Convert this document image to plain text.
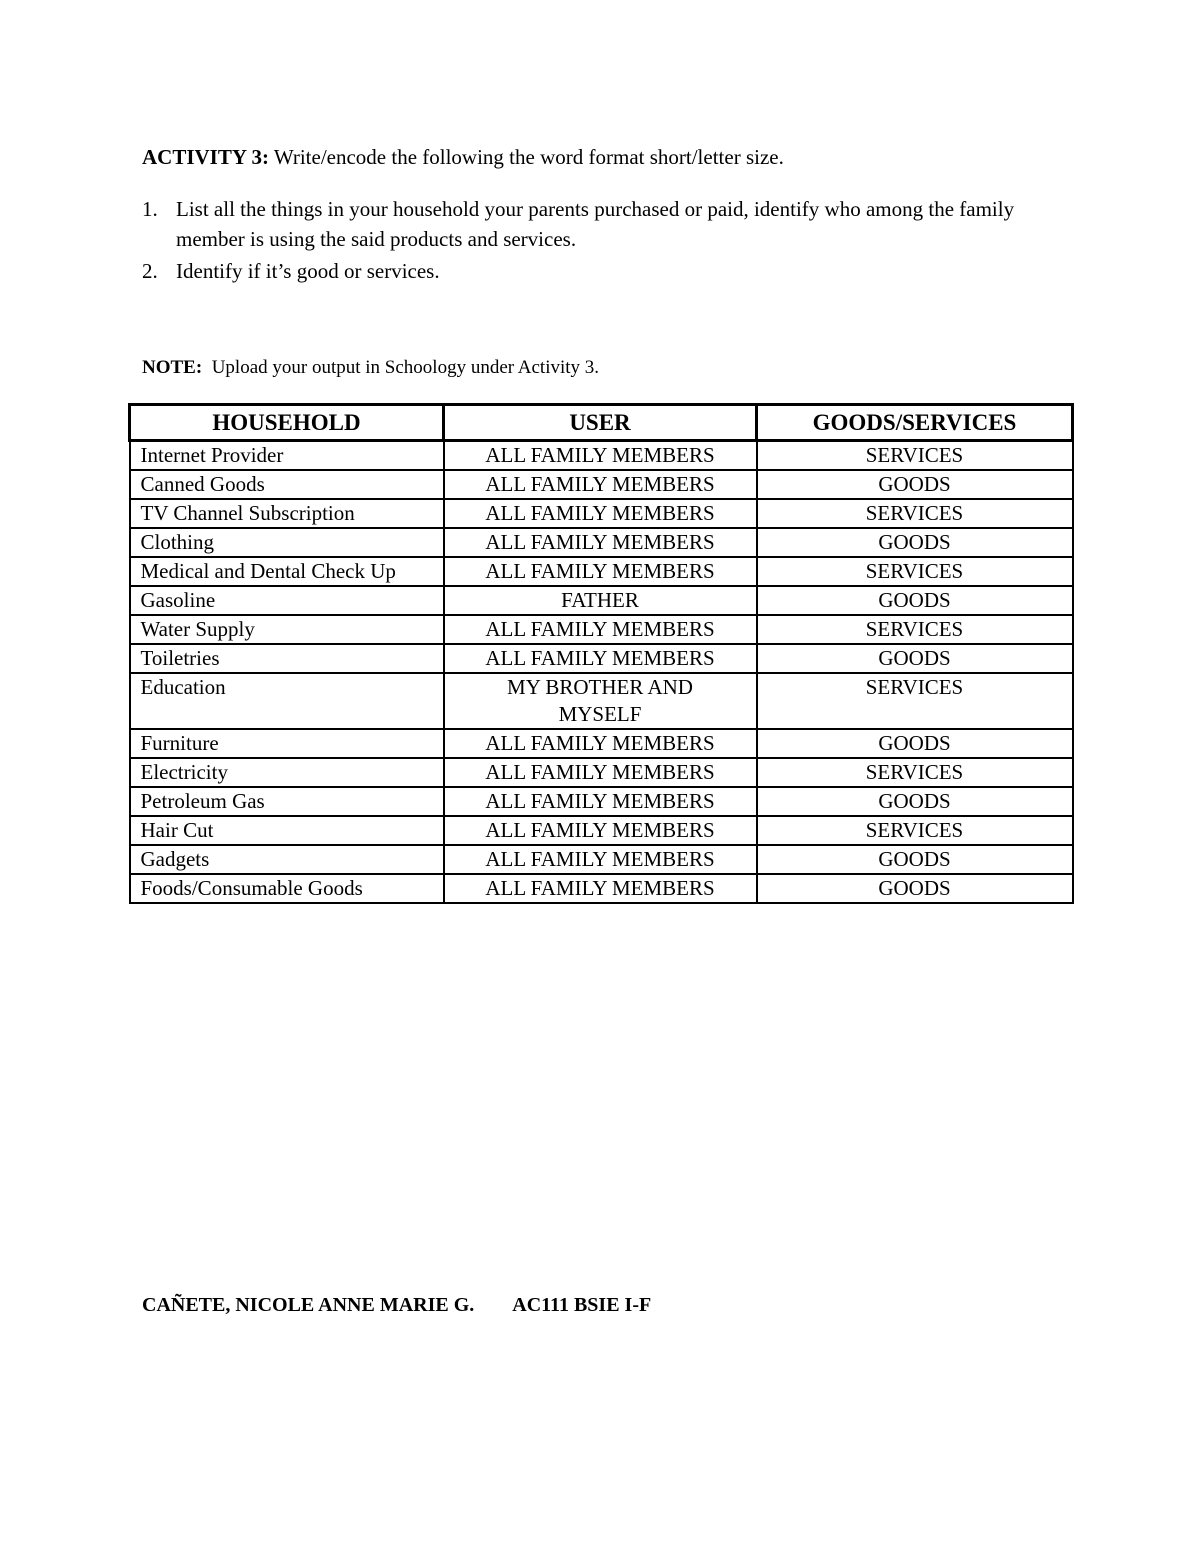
ACTIVITY 3: Write/encode the following the word format short/letter size.
1. List all the things in your household your parents purchased or paid, identify who among the family member is using the said products and services.
2. Identify if it’s good or services.
NOTE:  Upload your output in Schoology under Activity 3.
HOUSEHOLD	USER	GOODS/SERVICES
Internet Provider	ALL FAMILY MEMBERS	SERVICES
Canned Goods	ALL FAMILY MEMBERS	GOODS
TV Channel Subscription	ALL FAMILY MEMBERS	SERVICES
Clothing	ALL FAMILY MEMBERS	GOODS
Medical and Dental Check Up	ALL FAMILY MEMBERS	SERVICES
Gasoline	FATHER	GOODS
Water Supply	ALL FAMILY MEMBERS	SERVICES
Toiletries	ALL FAMILY MEMBERS	GOODS
Education	MY BROTHER AND MYSELF	SERVICES
Furniture	ALL FAMILY MEMBERS	GOODS
Electricity	ALL FAMILY MEMBERS	SERVICES
Petroleum Gas	ALL FAMILY MEMBERS	GOODS
Hair Cut	ALL FAMILY MEMBERS	SERVICES
Gadgets	ALL FAMILY MEMBERS	GOODS
Foods/Consumable Goods	ALL FAMILY MEMBERS	GOODS
CAÑETE, NICOLE ANNE MARIE G. AC111 BSIE I-F
